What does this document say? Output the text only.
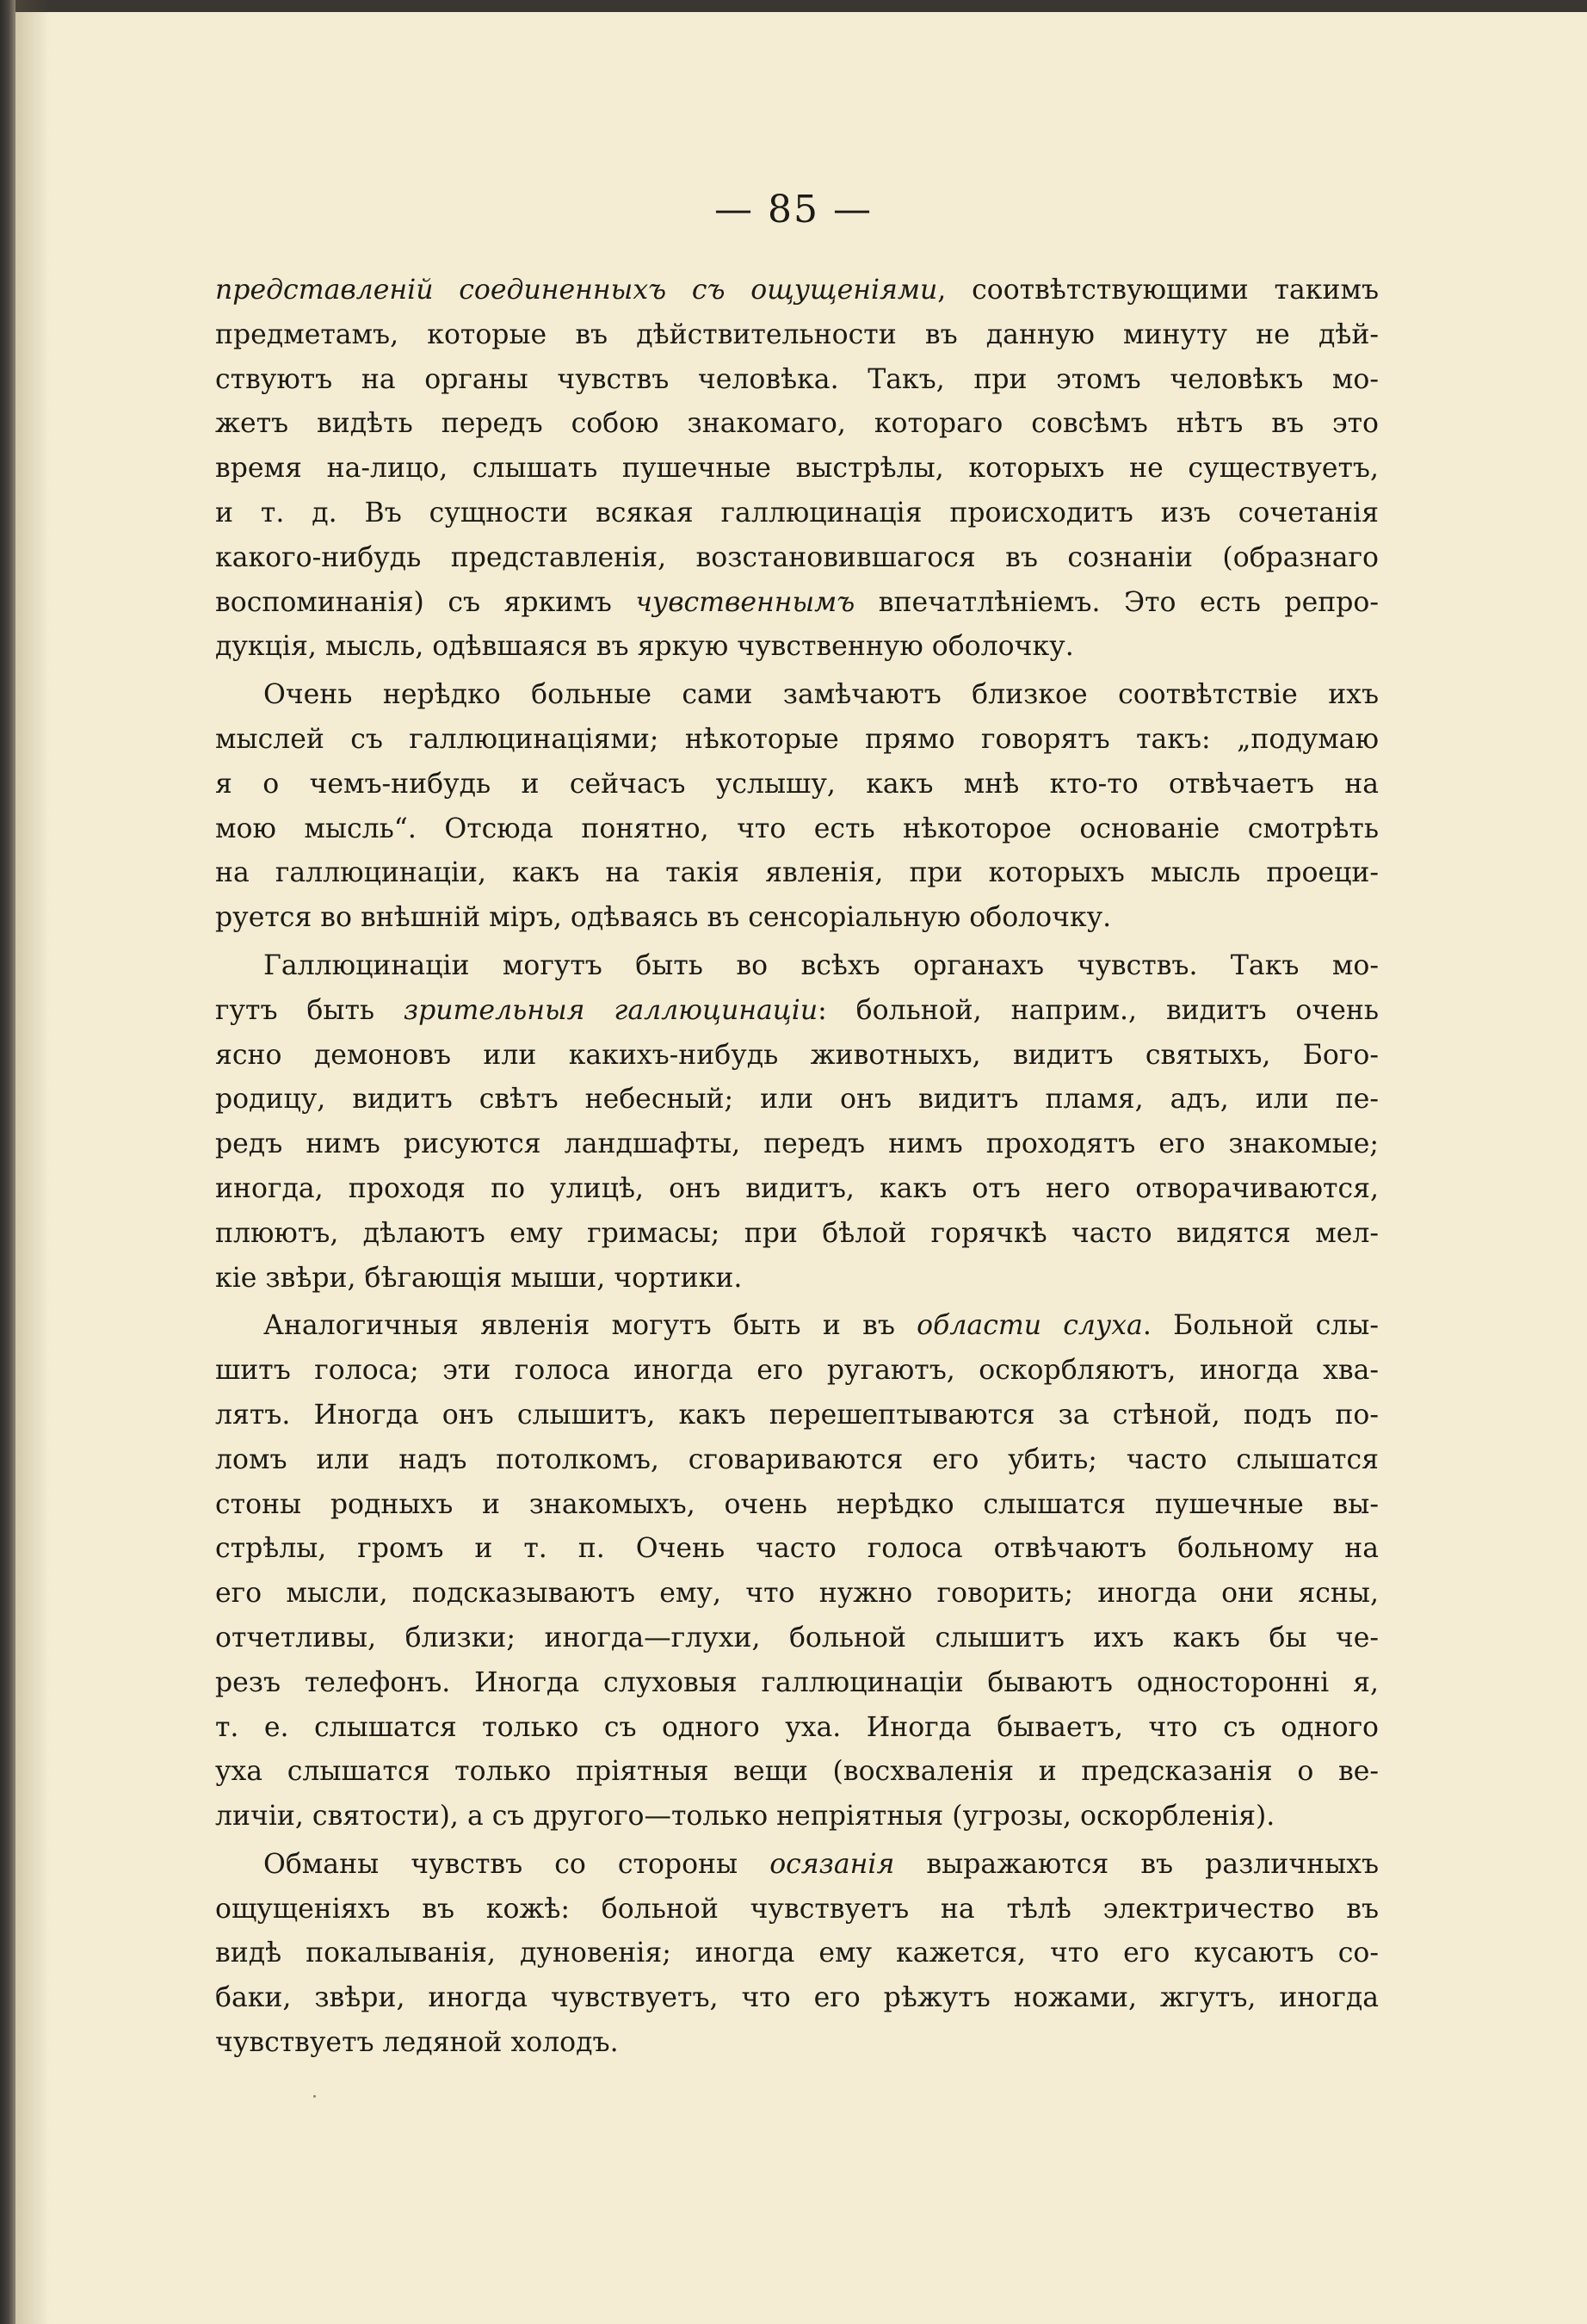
— 85 —

представленій соединенныхъ съ ощущеніями, соотвѣтствующими такимъ

предметамъ, которые въ дѣйствительности въ данную минуту не дѣй-

ствуютъ на органы чувствъ человѣка. Такъ, при этомъ человѣкъ мо-

жетъ видѣть передъ собою знакомаго, котораго совсѣмъ нѣтъ въ это

время на-лицо, слышать пушечные выстрѣлы, которыхъ не существуетъ,

и т. д. Въ сущности всякая галлюцинація происходитъ изъ сочетанія

какого-нибудь представленія, возстановившагося въ сознаніи (образнаго

воспоминанія) съ яркимъ чувственнымъ впечатлѣніемъ. Это есть репро-

дукція, мысль, одѣвшаяся въ яркую чувственную оболочку.

Очень нерѣдко больные сами замѣчаютъ близкое соотвѣтствіе ихъ

мыслей съ галлюцинаціями; нѣкоторые прямо говорятъ такъ: „подумаю

я о чемъ-нибудь и сейчасъ услышу, какъ мнѣ кто-то отвѣчаетъ на

мою мысль“. Отсюда понятно, что есть нѣкоторое основаніе смотрѣть

на галлюцинаціи, какъ на такія явленія, при которыхъ мысль проеци-

руется во внѣшній міръ, одѣваясь въ сенсоріальную оболочку.

Галлюцинаціи могутъ быть во всѣхъ органахъ чувствъ. Такъ мо-

гутъ быть зрительныя галлюцинаціи: больной, наприм., видитъ очень

ясно демоновъ или какихъ-нибудь животныхъ, видитъ святыхъ, Бого-

родицу, видитъ свѣтъ небесный; или онъ видитъ пламя, адъ, или пе-

редъ нимъ рисуются ландшафты, передъ нимъ проходятъ его знакомые;

иногда, проходя по улицѣ, онъ видитъ, какъ отъ него отворачиваются,

плюютъ, дѣлаютъ ему гримасы; при бѣлой горячкѣ часто видятся мел-

кіе звѣри, бѣгающія мыши, чортики.

Аналогичныя явленія могутъ быть и въ области слуха. Больной слы-

шитъ голоса; эти голоса иногда его ругаютъ, оскорбляютъ, иногда хва-

лятъ. Иногда онъ слышитъ, какъ перешептываются за стѣной, подъ по-

ломъ или надъ потолкомъ, сговариваются его убить; часто слышатся

стоны родныхъ и знакомыхъ, очень нерѣдко слышатся пушечные вы-

стрѣлы, громъ и т. п. Очень часто голоса отвѣчаютъ больному на

его мысли, подсказываютъ ему, что нужно говорить; иногда они ясны,

отчетливы, близки; иногда—глухи, больной слышитъ ихъ какъ бы че-

резъ телефонъ. Иногда слуховыя галлюцинаціи бываютъ односторонні я,

т. е. слышатся только съ одного уха. Иногда бываетъ, что съ одного

уха слышатся только пріятныя вещи (восхваленія и предсказанія о ве-

личіи, святости), а съ другого—только непріятныя (угрозы, оскорбленія).

Обманы чувствъ со стороны осязанія выражаются въ различныхъ

ощущеніяхъ въ кожѣ: больной чувствуетъ на тѣлѣ электричество въ

видѣ покалыванія, дуновенія; иногда ему кажется, что его кусаютъ со-

баки, звѣри, иногда чувствуетъ, что его рѣжутъ ножами, жгутъ, иногда

чувствуетъ ледяной холодъ.
